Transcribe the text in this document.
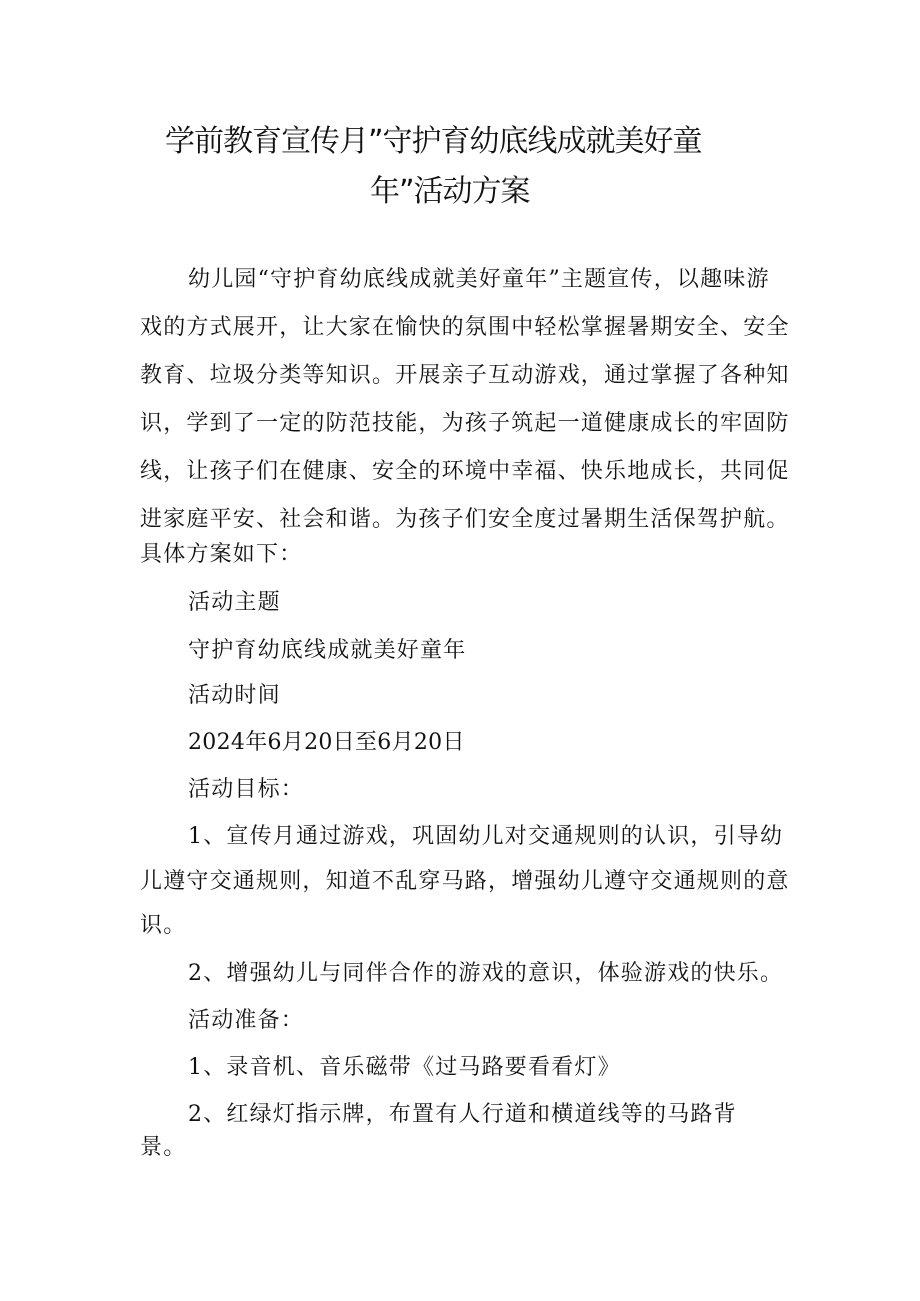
学前教育宣传月”守护育幼底线成就美好童
年”活动方案
幼儿园“守护育幼底线成就美好童年”主题宣传，以趣味游
戏的方式展开，让大家在愉快的氛围中轻松掌握暑期安全、安全
教育、垃圾分类等知识。开展亲子互动游戏，通过掌握了各种知
识，学到了一定的防范技能，为孩子筑起一道健康成长的牢固防
线，让孩子们在健康、安全的环境中幸福、快乐地成长，共同促
进家庭平安、社会和谐。为孩子们安全度过暑期生活保驾护航。
具体方案如下：
活动主题
守护育幼底线成就美好童年
活动时间
2024年6月20日至6月20日
活动目标：
1、宣传月通过游戏，巩固幼儿对交通规则的认识，引导幼
儿遵守交通规则，知道不乱穿马路，增强幼儿遵守交通规则的意
识。
2、增强幼儿与同伴合作的游戏的意识，体验游戏的快乐。
活动准备：
1、录音机、音乐磁带《过马路要看看灯》
2、红绿灯指示牌，布置有人行道和横道线等的马路背
景。
